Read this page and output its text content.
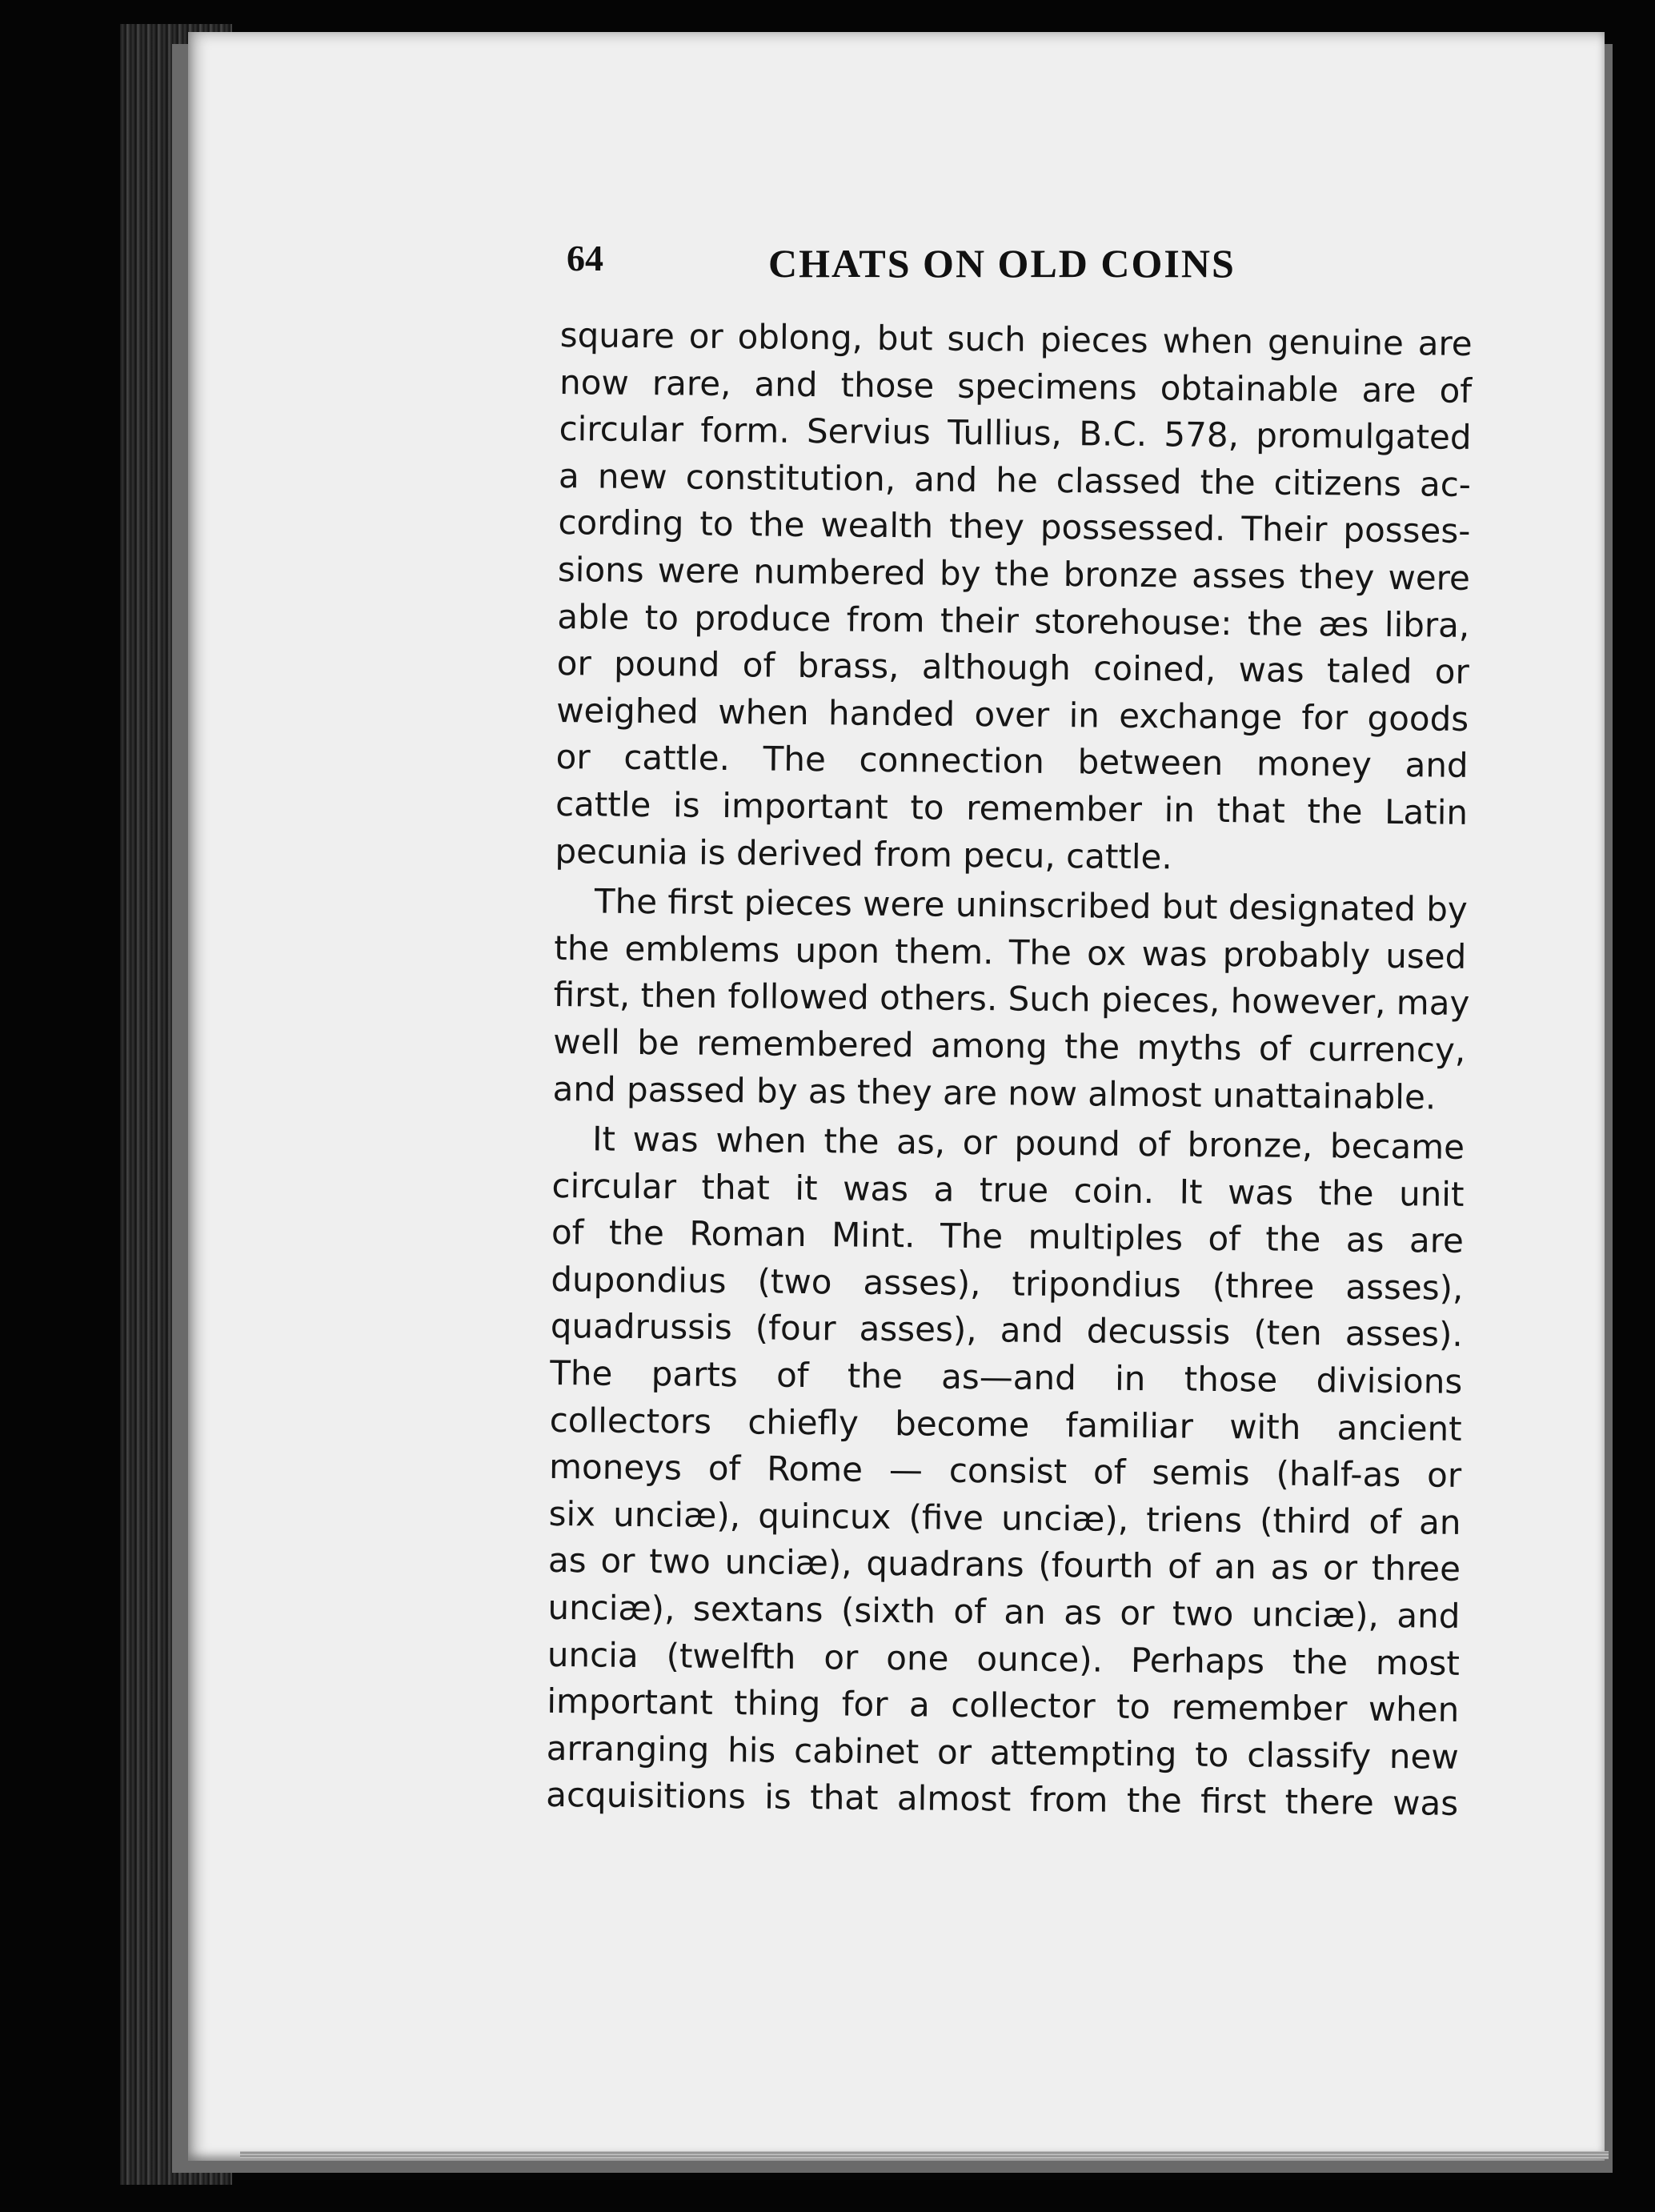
64	CHATS ON OLD COINS
square or oblong, but such pieces when genuine are
now rare, and those specimens obtainable are of
circular form. Servius Tullius, B.C. 578, promulgated
a new constitution, and he classed the citizens ac-
cording to the wealth they possessed. Their posses-
sions were numbered by the bronze asses they were
able to produce from their storehouse: the æs libra,
or pound of brass, although coined, was taled or
weighed when handed over in exchange for goods
or cattle. The connection between money and
cattle is important to remember in that the Latin
pecunia is derived from pecu, cattle.
The first pieces were uninscribed but designated by
the emblems upon them. The ox was probably used
first, then followed others. Such pieces, however, may
well be remembered among the myths of currency,
and passed by as they are now almost unattainable.
It was when the as, or pound of bronze, became
circular that it was a true coin. It was the unit
of the Roman Mint. The multiples of the as are
dupondius (two asses), tripondius (three asses),
quadrussis (four asses), and decussis (ten asses).
The parts of the as—and in those divisions
collectors chiefly become familiar with ancient
moneys of Rome — consist of semis (half-as or
six unciæ), quincux (five unciæ), triens (third of an
as or two unciæ), quadrans (fourth of an as or three
unciæ), sextans (sixth of an as or two unciæ), and
uncia (twelfth or one ounce). Perhaps the most
important thing for a collector to remember when
arranging his cabinet or attempting to classify new
acquisitions is that almost from the first there was
